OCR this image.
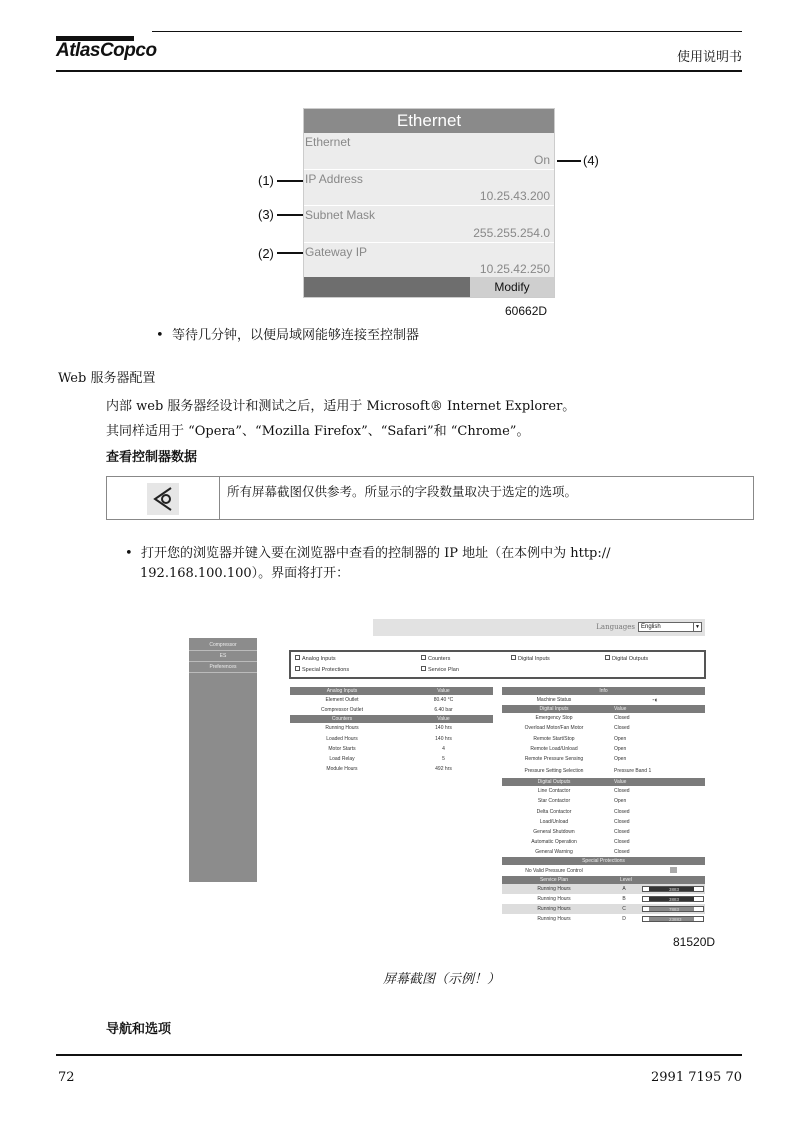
AtlasCopco	使用说明书
Ethernet
Ethernet
On
IP Address
10.25.43.200
Subnet Mask
255.255.254.0
Gateway IP
10.25.42.250
Modify
(4)
(1)
(3)
(2)
60662D
•  等待几分钟，以便局域网能够连接至控制器
Web 服务器配置
内部 web 服务器经设计和测试之后，适用于 Microsoft® Internet Explorer。
其同样适用于 “Opera”、“Mozilla Firefox”、“Safari”和 “Chrome”。
查看控制器数据
所有屏幕截图仅供参考。所显示的字段数量取决于选定的选项。
•  打开您的浏览器并键入要在浏览器中查看的控制器的 IP 地址（在本例中为 http://
192.168.100.100）。界面将打开：
Compressor
ES
Preferences
Languages	English	▼
Analog Inputs	Counters	Digital Inputs	Digital Outputs
Special Protections	Service Plan
Analog Inputs	Value
Element Outlet	80.40 °C
Compressor Outlet	6.40 bar
Counters	Value
Running Hours	140 hrs
Loaded Hours	140 hrs
Motor Starts	4
Load Relay	5
Module Hours	492 hrs
Info
Machine Status	-◐
Digital Inputs	Value
Emergency Stop	Closed
Overload Motor/Fan Motor	Closed
Remote Start/Stop	Open
Remote Load/Unload	Open
Remote Pressure Sensing	Open
Pressure Setting Selection	Pressure Band 1
Digital Outputs	Value
Line Contactor	Closed
Star Contactor	Open
Delta Contactor	Closed
Load/Unload	Closed
General Shutdown	Closed
Automatic Operation	Closed
General Warning	Closed
Special Protections
No Valid Pressure Control
Service Plan	Level
Running Hours	A	3883
Running Hours	B	3883
Running Hours	C	7883
Running Hours	D	23883
81520D
屏幕截图（示例！）
导航和选项
72	2991 7195 70
